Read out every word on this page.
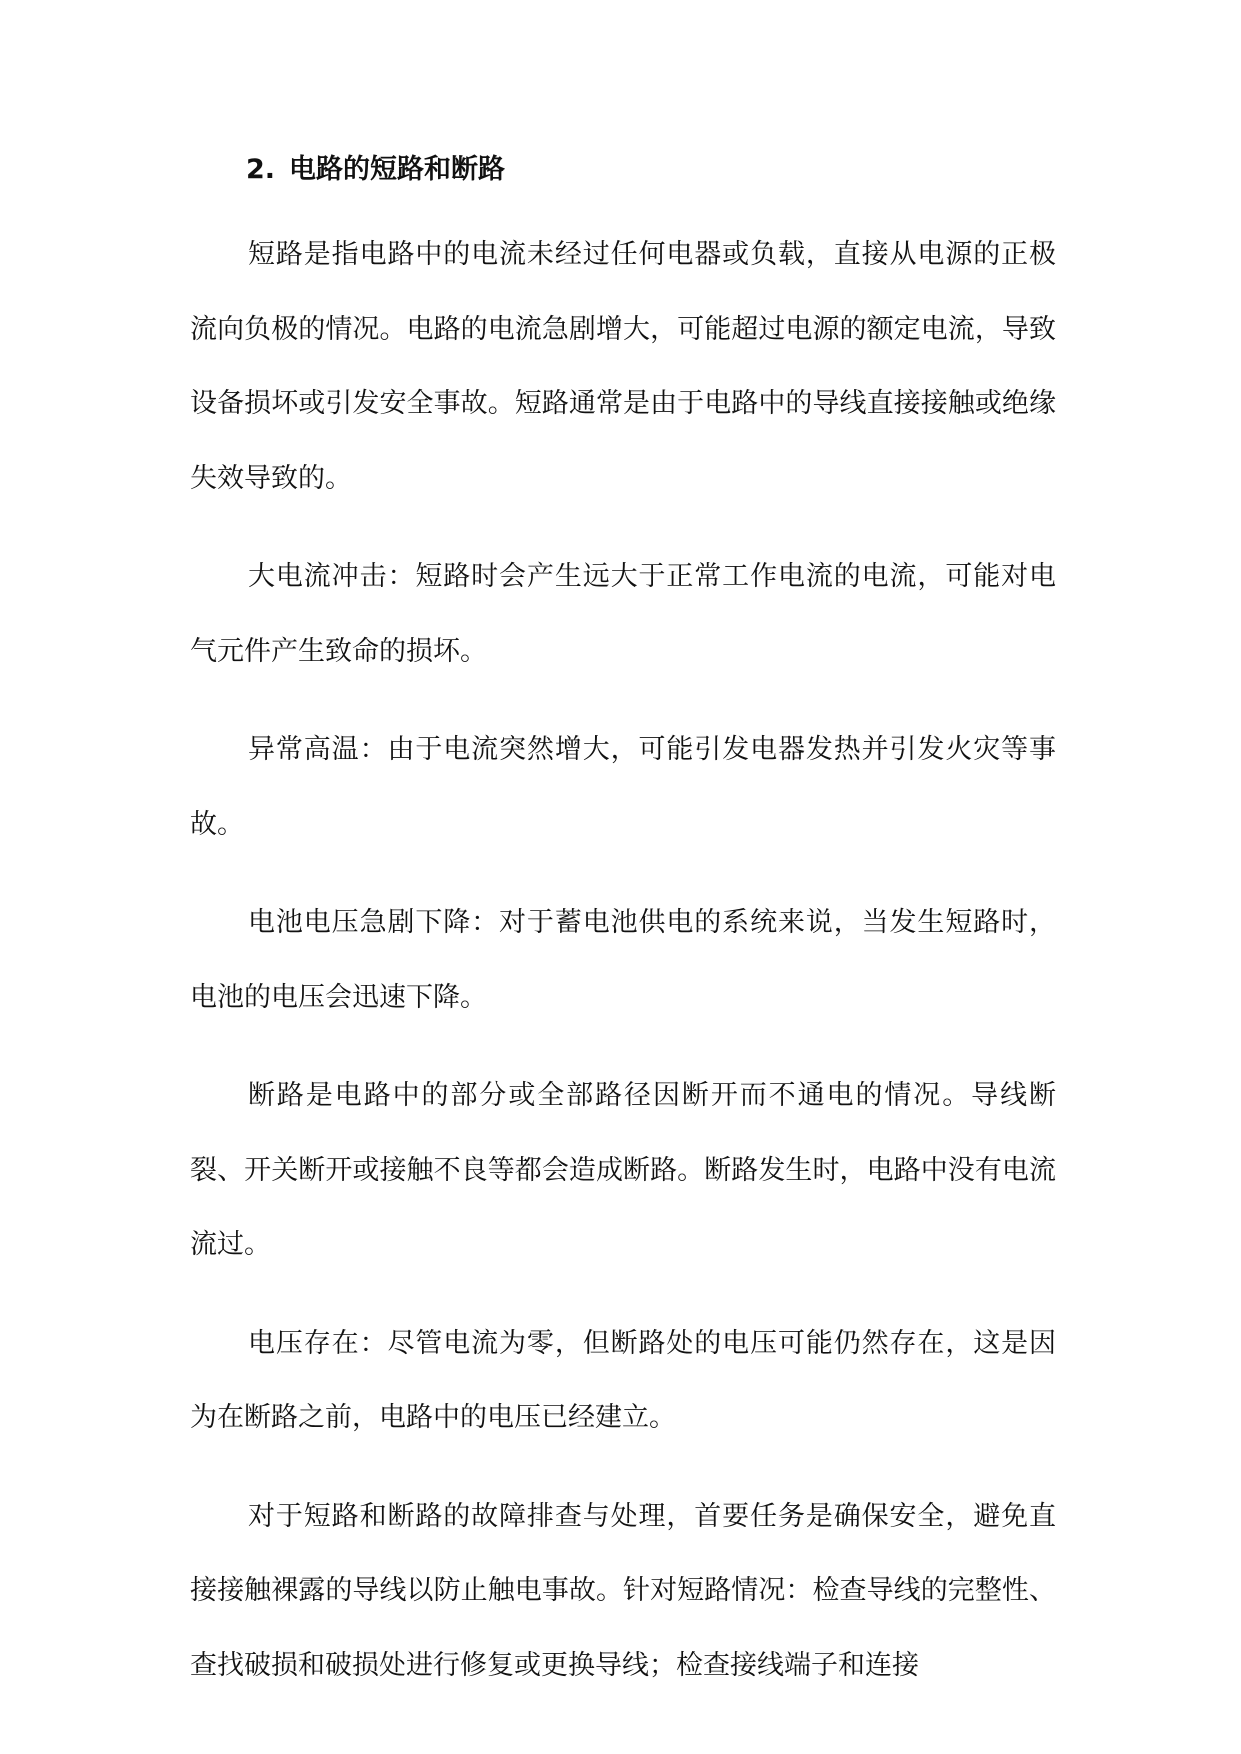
2. 电路的短路和断路

短路是指电路中的电流未经过任何电器或负载，直接从电源的正极流向负极的情况。电路的电流急剧增大，可能超过电源的额定电流，导致设备损坏或引发安全事故。短路通常是由于电路中的导线直接接触或绝缘失效导致的。

大电流冲击：短路时会产生远大于正常工作电流的电流，可能对电气元件产生致命的损坏。

异常高温：由于电流突然增大，可能引发电器发热并引发火灾等事故。

电池电压急剧下降：对于蓄电池供电的系统来说，当发生短路时，电池的电压会迅速下降。

断路是电路中的部分或全部路径因断开而不通电的情况。导线断裂、开关断开或接触不良等都会造成断路。断路发生时，电路中没有电流流过。

电压存在：尽管电流为零，但断路处的电压可能仍然存在，这是因为在断路之前，电路中的电压已经建立。

对于短路和断路的故障排查与处理，首要任务是确保安全，避免直接接触裸露的导线以防止触电事故。针对短路情况：检查导线的完整性、查找破损和破损处进行修复或更换导线；检查接线端子和连接
